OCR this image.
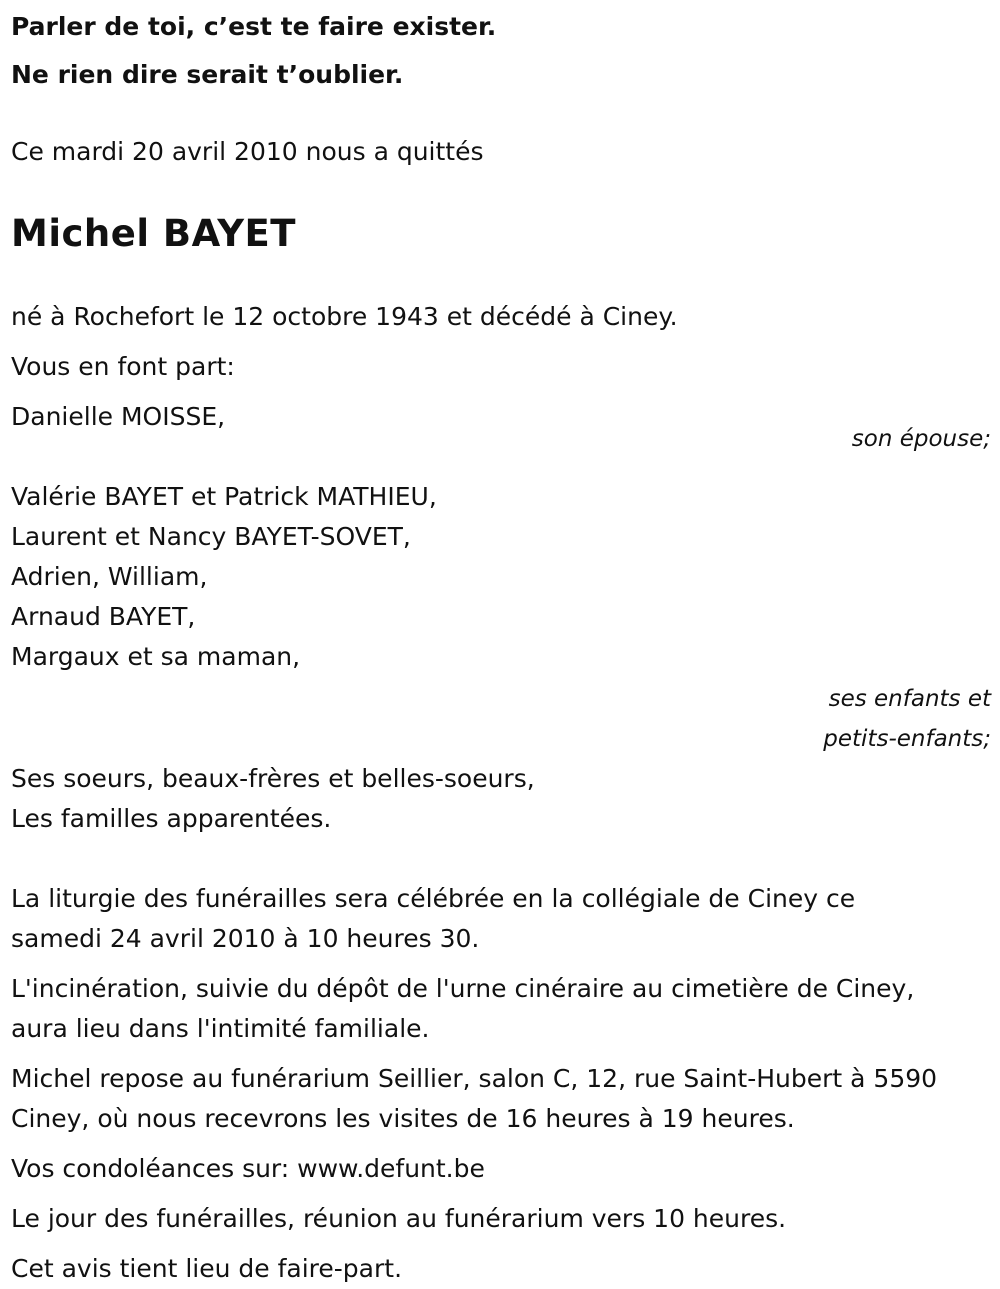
Parler de toi, c’est te faire exister.
Ne rien dire serait t’oublier.
Ce mardi 20 avril 2010 nous a quittés
Michel BAYET
né à Rochefort le 12 octobre 1943 et décédé à Ciney.
Vous en font part:
Danielle MOISSE,
son épouse;
Valérie BAYET et Patrick MATHIEU,
Laurent et Nancy BAYET-SOVET,
Adrien, William,
Arnaud BAYET,
Margaux et sa maman,
ses enfants et
petits-enfants;
Ses soeurs, beaux-frères et belles-soeurs,
Les familles apparentées.
La liturgie des funérailles sera célébrée en la collégiale de Ciney ce
samedi 24 avril 2010 à 10 heures 30.
L'incinération, suivie du dépôt de l'urne cinéraire au cimetière de Ciney,
aura lieu dans l'intimité familiale.
Michel repose au funérarium Seillier, salon C, 12, rue Saint-Hubert à 5590
Ciney, où nous recevrons les visites de 16 heures à 19 heures.
Vos condoléances sur: www.defunt.be
Le jour des funérailles, réunion au funérarium vers 10 heures.
Cet avis tient lieu de faire-part.
